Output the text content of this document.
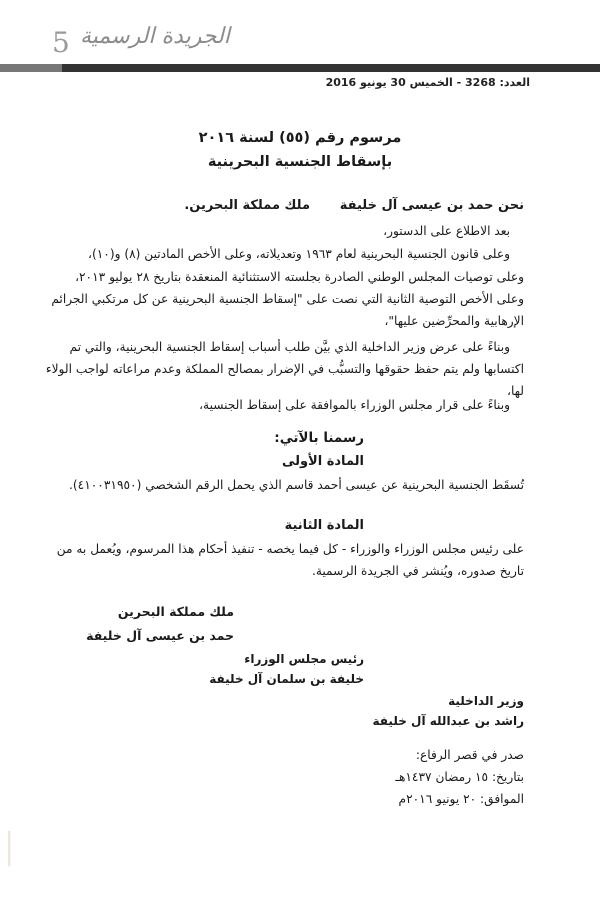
5 الجريدة الرسمية
العدد: 3268 - الخميس 30 يونيو 2016
مرسوم رقم (٥٥) لسنة ٢٠١٦
بإسقاط الجنسية البحرينية
نحن حمد بن عيسى آل خليفة
ملك مملكة البحرين.
بعد الاطلاع على الدستور،
وعلى قانون الجنسية البحرينية لعام ١٩٦٣ وتعديلاته، وعلى الأخص المادتين (٨) و(١٠)،
وعلى توصيات المجلس الوطني الصادرة بجلسته الاستثنائية المنعقدة بتاريخ ٢٨ يوليو ٢٠١٣،
وعلى الأخص التوصية الثانية التي نصت على "إسقاط الجنسية البحرينية عن كل مرتكبي الجرائم
الإرهابية والمحرِّضين عليها"،
وبناءً على عرض وزير الداخلية الذي بيَّن طلب أسباب إسقاط الجنسية البحرينية، والتي تم
اكتسابها ولم يتم حفظ حقوقها والتسبُّب في الإضرار بمصالح المملكة وعدم مراعاته لواجب الولاء
لها،
وبناءً على قرار مجلس الوزراء بالموافقة على إسقاط الجنسية،
رسمنا بالآتي:
المادة الأولى
تُسقَط الجنسية البحرينية عن عيسى أحمد قاسم الذي يحمل الرقم الشخصي (٤١٠٠٣١٩٥٠).
المادة الثانية
على رئيس مجلس الوزراء والوزراء - كل فيما يخصه - تنفيذ أحكام هذا المرسوم، ويُعمل به من
تاريخ صدوره، ويُنشر في الجريدة الرسمية.
ملك مملكة البحرين
حمد بن عيسى آل خليفة
رئيس مجلس الوزراء
خليفة بن سلمان آل خليفة
وزير الداخلية
راشد بن عبدالله آل خليفة
صدر في قصر الرفاع:
بتاريخ: ١٥ رمضان ١٤٣٧هـ
الموافق: ٢٠ يونيو ٢٠١٦م
│
